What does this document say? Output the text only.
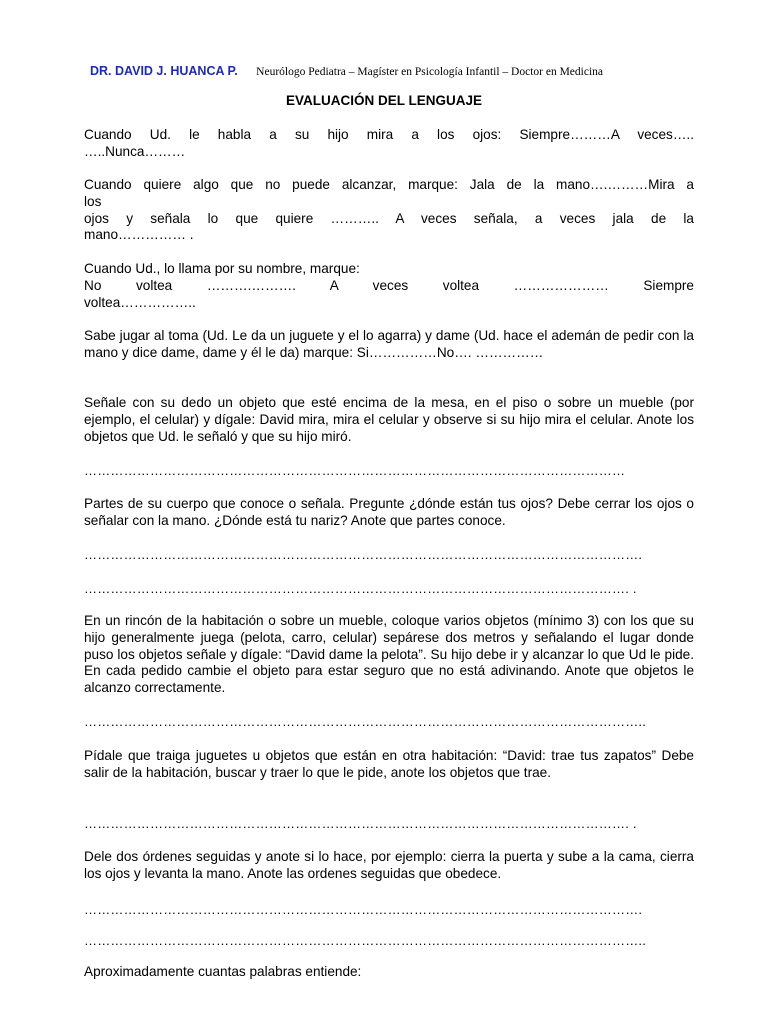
DR. DAVID J. HUANCA P. Neurólogo Pediatra – Magíster en Psicología Infantil – Doctor en Medicina
EVALUACIÓN DEL LENGUAJE
Cuando Ud. le habla a su hijo mira a los ojos: Siempre………A veces…..
…..Nunca………
Cuando quiere algo que no puede alcanzar, marque: Jala de la mano….………Mira a
los
ojos y señala lo que quiere ……….. A veces señala, a veces jala de la
mano…………… .
Cuando Ud., lo llama por su nombre, marque:
No      voltea      ……….……….      A      veces      voltea      …………………      Siempre
voltea……………..
Sabe jugar al toma (Ud. Le da un juguete y el lo agarra) y dame (Ud. hace el ademán de pedir con la mano y dice dame, dame y él le da) marque: Si……………No…. ……………
Señale con su dedo un objeto que esté encima de la mesa, en el piso o sobre un mueble (por ejemplo, el celular) y dígale: David mira, mira el celular y observe si su hijo mira el celular. Anote los objetos que Ud. le señaló y que su hijo miró.
……………………………………………………………………………………………………………
Partes de su cuerpo que conoce o señala. Pregunte ¿dónde están tus ojos? Debe cerrar los ojos o señalar con la mano. ¿Dónde está tu nariz? Anote que partes conoce.
……………………………………………………………………………………………………………….
……………………………………………………………………………………………………………. .
En un rincón de la habitación o sobre un mueble, coloque varios objetos (mínimo 3) con los que su hijo generalmente juega (pelota, carro, celular) sepárese dos metros y señalando el lugar donde puso los objetos señale y dígale: “David dame la pelota”. Su hijo debe ir y alcanzar lo que Ud le pide. En cada pedido cambie el objeto para estar seguro que no está adivinando. Anote que objetos le alcanzo correctamente.
………………………………………………………………………………………………………………..
Pídale que traiga juguetes u objetos que están en otra habitación: “David: trae tus zapatos” Debe salir de la habitación, buscar y traer lo que le pide, anote los objetos que trae.
……………………………………………………………………………………………………………. .
Dele dos órdenes seguidas y anote si lo hace, por ejemplo: cierra la puerta y sube a la cama, cierra los ojos y levanta la mano. Anote las ordenes seguidas que obedece.
……………………………………………………………………………………………………………….
………………………………………………………………………………………………………………..
Aproximadamente cuantas palabras entiende:
